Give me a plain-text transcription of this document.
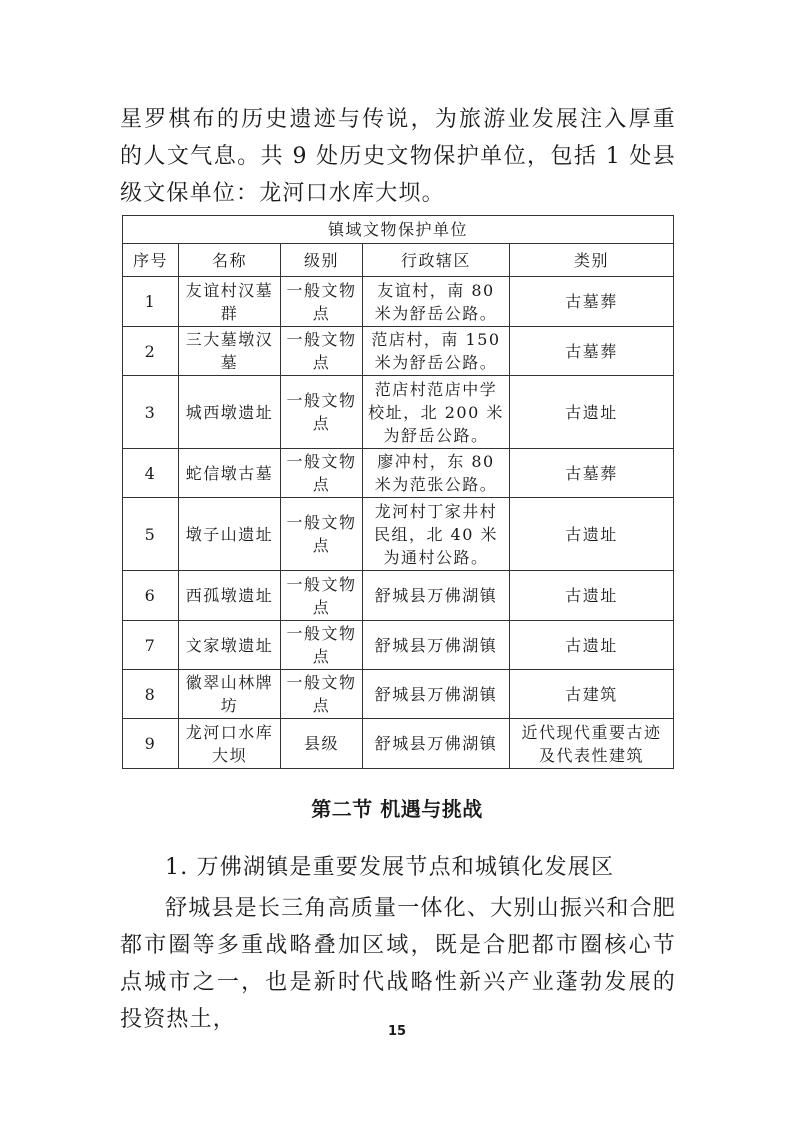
星罗棋布的历史遗迹与传说，为旅游业发展注入厚重的人文气息。共 9 处历史文物保护单位，包括 1 处县级文保单位：龙河口水库大坝。

镇域文物保护单位				
序号	名称	级别	行政辖区	类别
1	友谊村汉墓群	一般文物点	友谊村，南 80 米为舒岳公路。	古墓葬
2	三大墓墩汉墓	一般文物点	范店村，南 150 米为舒岳公路。	古墓葬
3	城西墩遗址	一般文物点	范店村范店中学校址，北 200 米为舒岳公路。	古遗址
4	蛇信墩古墓	一般文物点	廖冲村，东 80 米为范张公路。	古墓葬
5	墩子山遗址	一般文物点	龙河村丁家井村民组，北 40 米为通村公路。	古遗址
6	西孤墩遗址	一般文物点	舒城县万佛湖镇	古遗址
7	文家墩遗址	一般文物点	舒城县万佛湖镇	古遗址
8	徽翠山林牌坊	一般文物点	舒城县万佛湖镇	古建筑
9	龙河口水库大坝	县级	舒城县万佛湖镇	近代现代重要古迹及代表性建筑
第二节 机遇与挑战

1. 万佛湖镇是重要发展节点和城镇化发展区

舒城县是长三角高质量一体化、大别山振兴和合肥都市圈等多重战略叠加区域，既是合肥都市圈核心节点城市之一，也是新时代战略性新兴产业蓬勃发展的投资热土，	15
